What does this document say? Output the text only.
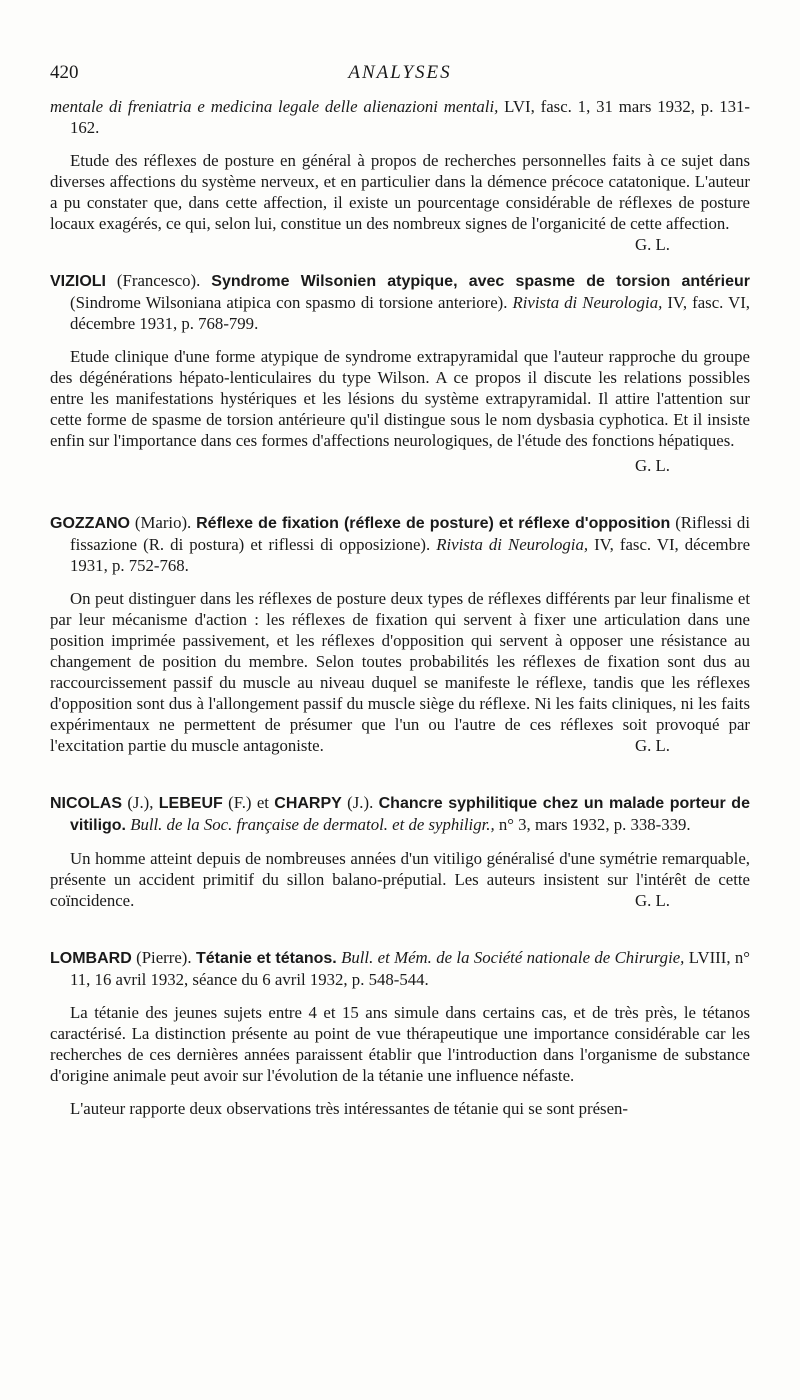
420	ANALYSES

mentale di freniatria e medicina legale delle alienazioni mentali, LVI, fasc. 1, 31 mars 1932, p. 131-162.

Etude des réflexes de posture en général à propos de recherches personnelles faits à ce sujet dans diverses affections du système nerveux, et en particulier dans la démence précoce catatonique. L'auteur a pu constater que, dans cette affection, il existe un pourcentage considérable de réflexes de posture locaux exagérés, ce qui, selon lui, constitue un des nombreux signes de l'organicité de cette affection.
G. L.

VIZIOLI (Francesco). Syndrome Wilsonien atypique, avec spasme de torsion antérieur (Sindrome Wilsoniana atipica con spasmo di torsione anteriore). Rivista di Neurologia, IV, fasc. VI, décembre 1931, p. 768-799.

Etude clinique d'une forme atypique de syndrome extrapyramidal que l'auteur rapproche du groupe des dégénérations hépato-lenticulaires du type Wilson. A ce propos il discute les relations possibles entre les manifestations hystériques et les lésions du système extrapyramidal. Il attire l'attention sur cette forme de spasme de torsion antérieure qu'il distingue sous le nom dysbasia cyphotica. Et il insiste enfin sur l'importance dans ces formes d'affections neurologiques, de l'étude des fonctions hépatiques.

G. L.

GOZZANO (Mario). Réflexe de fixation (réflexe de posture) et réflexe d'opposition (Riflessi di fissazione (R. di postura) et riflessi di opposizione). Rivista di Neurologia, IV, fasc. VI, décembre 1931, p. 752-768.

On peut distinguer dans les réflexes de posture deux types de réflexes différents par leur finalisme et par leur mécanisme d'action : les réflexes de fixation qui servent à fixer une articulation dans une position imprimée passivement, et les réflexes d'opposition qui servent à opposer une résistance au changement de position du membre. Selon toutes probabilités les réflexes de fixation sont dus au raccourcissement passif du muscle au niveau duquel se manifeste le réflexe, tandis que les réflexes d'opposition sont dus à l'allongement passif du muscle siège du réflexe. Ni les faits cliniques, ni les faits expérimentaux ne permettent de présumer que l'un ou l'autre de ces réflexes soit provoqué par l'excitation partie du muscle antagoniste.	G. L.

NICOLAS (J.), LEBEUF (F.) et CHARPY (J.). Chancre syphilitique chez un malade porteur de vitiligo. Bull. de la Soc. française de dermatol. et de syphiligr., n° 3, mars 1932, p. 338-339.

Un homme atteint depuis de nombreuses années d'un vitiligo généralisé d'une symétrie remarquable, présente un accident primitif du sillon balano-préputial. Les auteurs insistent sur l'intérêt de cette coïncidence.	G. L.

LOMBARD (Pierre). Tétanie et tétanos. Bull. et Mém. de la Société nationale de Chirurgie, LVIII, n° 11, 16 avril 1932, séance du 6 avril 1932, p. 548-544.

La tétanie des jeunes sujets entre 4 et 15 ans simule dans certains cas, et de très près, le tétanos caractérisé. La distinction présente au point de vue thérapeutique une importance considérable car les recherches de ces dernières années paraissent établir que l'introduction dans l'organisme de substance d'origine animale peut avoir sur l'évolution de la tétanie une influence néfaste.

L'auteur rapporte deux observations très intéressantes de tétanie qui se sont présen-
